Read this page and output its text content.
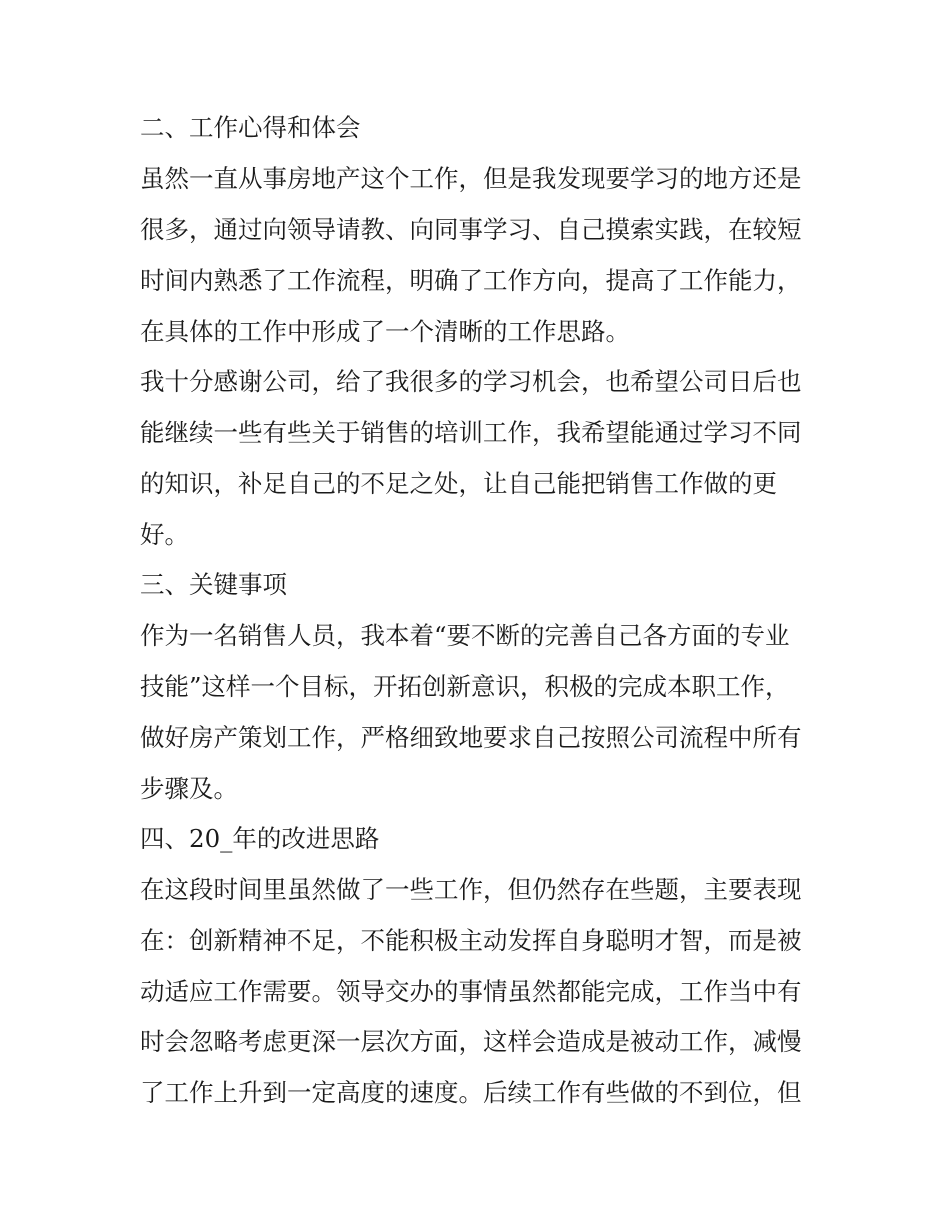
二、工作心得和体会
虽然一直从事房地产这个工作，但是我发现要学习的地方还是
很多，通过向领导请教、向同事学习、自己摸索实践，在较短
时间内熟悉了工作流程，明确了工作方向，提高了工作能力，
在具体的工作中形成了一个清晰的工作思路。
我十分感谢公司，给了我很多的学习机会，也希望公司日后也
能继续一些有些关于销售的培训工作，我希望能通过学习不同
的知识，补足自己的不足之处，让自己能把销售工作做的更
好。
三、关键事项
作为一名销售人员，我本着“要不断的完善自己各方面的专业
技能”这样一个目标，开拓创新意识，积极的完成本职工作，
做好房产策划工作，严格细致地要求自己按照公司流程中所有
步骤及。
四、20_年的改进思路
在这段时间里虽然做了一些工作，但仍然存在些题，主要表现
在：创新精神不足，不能积极主动发挥自身聪明才智，而是被
动适应工作需要。领导交办的事情虽然都能完成，工作当中有
时会忽略考虑更深一层次方面，这样会造成是被动工作，减慢
了工作上升到一定高度的速度。后续工作有些做的不到位，但
